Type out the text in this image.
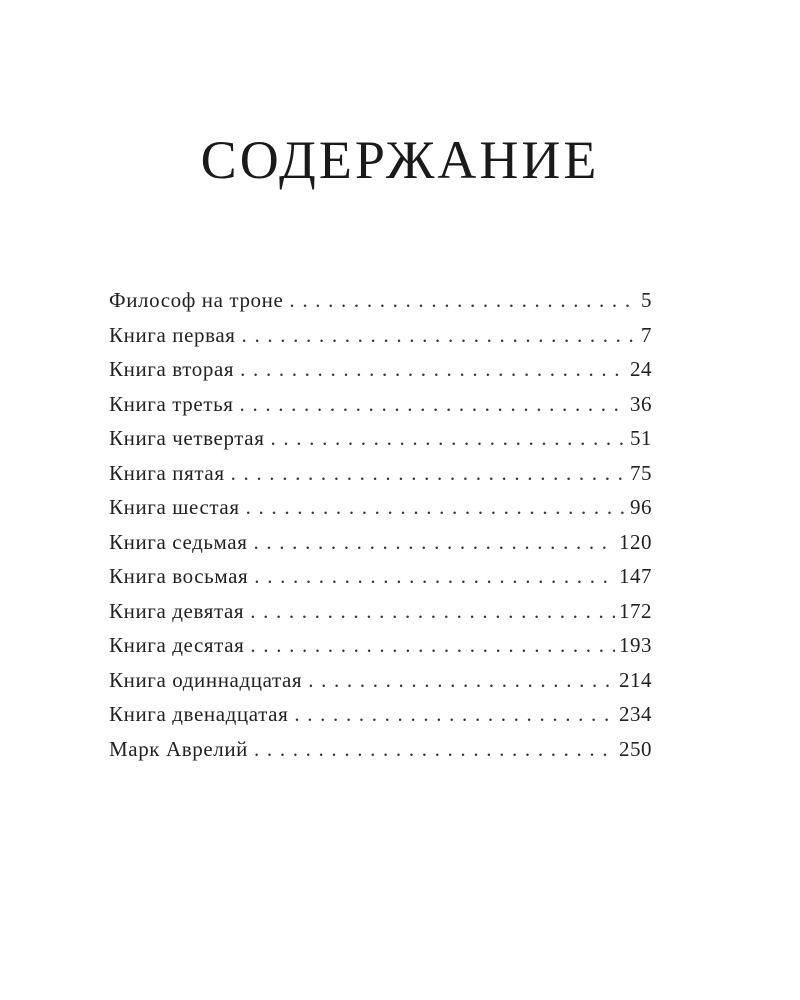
СОДЕРЖАНИЕ
Философ на троне . . .	5
Книга первая . . .	7
Книга вторая . . .	24
Книга третья . . .	36
Книга четвертая . . .	51
Книга пятая . . .	75
Книга шестая . . .	96
Книга седьмая . . .	120
Книга восьмая . . .	147
Книга девятая . . .	172
Книга десятая . . .	193
Книга одиннадцатая . . .	214
Книга двенадцатая . . .	234
Марк Аврелий . . .	250
